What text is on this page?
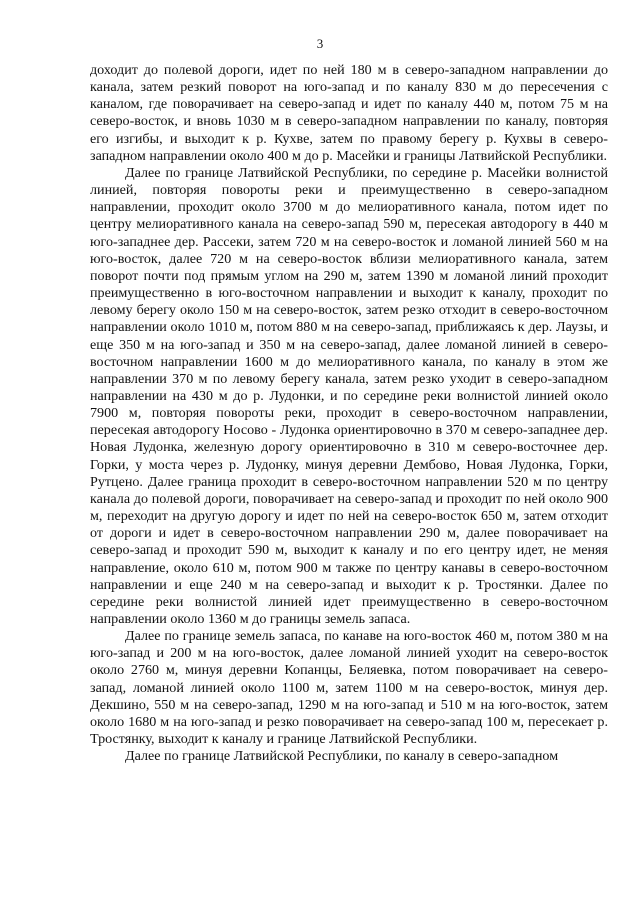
3

доходит до полевой дороги, идет по ней 180 м в северо-западном направлении до канала, затем резкий поворот на юго-запад и по каналу 830 м до пересечения с каналом, где поворачивает на северо-запад и идет по каналу 440 м, потом 75 м на северо-восток, и вновь 1030 м в северо-западном направлении по каналу, повторяя его изгибы, и выходит к р. Кухве, затем по правому берегу р. Кухвы в северо-западном направлении около 400 м до р. Масейки и границы Латвийской Республики.

Далее по границе Латвийской Республики, по середине р. Масейки волнистой линией, повторяя повороты реки и преимущественно в северо-западном направлении, проходит около 3700 м до мелиоративного канала, потом идет по центру мелиоративного канала на северо-запад 590 м, пересекая автодорогу в 440 м юго-западнее дер. Рассеки, затем 720 м на северо-восток и ломаной линией 560 м на юго-восток, далее 720 м на северо-восток вблизи мелиоративного канала, затем поворот почти под прямым углом на 290 м, затем 1390 м ломаной линий проходит преимущественно в юго-восточном направлении и выходит к каналу, проходит по левому берегу около 150 м на северо-восток, затем резко отходит в северо-восточном направлении около 1010 м, потом 880 м на северо-запад, приближаясь к дер. Лаузы, и еще 350 м на юго-запад и 350 м на северо-запад, далее ломаной линией в северо-восточном направлении 1600 м до мелиоративного канала, по каналу в этом же направлении 370 м по левому берегу канала, затем резко уходит в северо-западном направлении на 430 м до р. Лудонки, и по середине реки волнистой линией около 7900 м, повторяя повороты реки, проходит в северо-восточном направлении, пересекая автодорогу Носово - Лудонка ориентировочно в 370 м северо-западнее дер. Новая Лудонка, железную дорогу ориентировочно в 310 м северо-восточнее дер. Горки, у моста через р. Лудонку, минуя деревни Дембово, Новая Лудонка, Горки, Рутцено. Далее граница проходит в северо-восточном направлении 520 м по центру канала до полевой дороги, поворачивает на северо-запад и проходит по ней около 900 м, переходит на другую дорогу и идет по ней на северо-восток 650 м, затем отходит от дороги и идет в северо-восточном направлении 290 м, далее поворачивает на северо-запад и проходит 590 м, выходит к каналу и по его центру идет, не меняя направление, около 610 м, потом 900 м также по центру канавы в северо-восточном направлении и еще 240 м на северо-запад и выходит к р. Тростянки. Далее по середине реки волнистой линией идет преимущественно в северо-восточном направлении около 1360 м до границы земель запаса.

Далее по границе земель запаса, по канаве на юго-восток 460 м, потом 380 м на юго-запад и 200 м на юго-восток, далее ломаной линией уходит на северо-восток около 2760 м, минуя деревни Копанцы, Беляевка, потом поворачивает на северо-запад, ломаной линией около 1100 м, затем 1100 м на северо-восток, минуя дер. Декшино, 550 м на северо-запад, 1290 м на юго-запад и 510 м на юго-восток, затем около 1680 м на юго-запад и резко поворачивает на северо-запад 100 м, пересекает р. Тростянку, выходит к каналу и границе Латвийской Республики.

Далее по границе Латвийской Республики, по каналу в северо-западном
